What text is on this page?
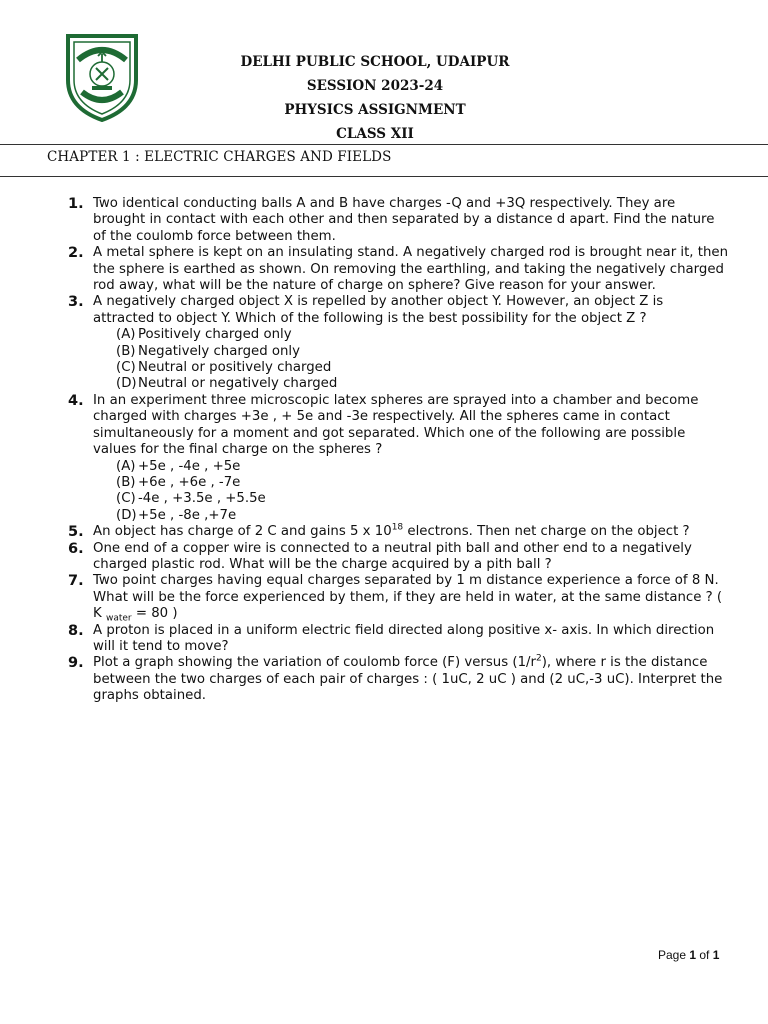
DELHI PUBLIC SCHOOL, UDAIPUR
SESSION 2023-24
PHYSICS ASSIGNMENT
CLASS XII
CHAPTER 1 : ELECTRIC CHARGES AND FIELDS
1. Two identical conducting balls A and B have charges -Q and +3Q respectively. They are brought in contact with each other and then separated by a distance d apart. Find the nature of the coulomb force between them.
2. A metal sphere is kept on an insulating stand. A negatively charged rod is brought near it, then the sphere is earthed as shown. On removing the earthling, and taking the negatively charged rod away, what will be the nature of charge on sphere? Give reason for your answer.
3. A negatively charged object X is repelled by another object Y. However, an object Z is attracted to object Y. Which of the following is the best possibility for the object Z ?
(A) Positively charged only
(B) Negatively charged only
(C) Neutral or positively charged
(D)Neutral or negatively charged
4. In an experiment three microscopic latex spheres are sprayed into a chamber and become charged with charges +3e , + 5e and -3e respectively. All the spheres came in contact simultaneously for a moment and got separated. Which one of the following are possible values for the final charge on the spheres ?
(A) +5e , -4e , +5e
(B) +6e , +6e , -7e
(C) -4e , +3.5e , +5.5e
(D)+5e , -8e ,+7e
5. An object has charge of 2 C and gains 5 x $10^{18}$ electrons. Then net charge on the object ?
6. One end of a copper wire is connected to a neutral pith ball and other end to a negatively charged plastic rod. What will be the charge acquired by a pith ball ?
7. Two point charges having equal charges separated by 1 m distance experience a force of 8 N. What will be the force experienced by them, if they are held in water, at the same distance ? ( K $_{water}$ = 80 )
8. A proton is placed in a uniform electric field directed along positive x- axis. In which direction will it tend to move?
9. Plot a graph showing the variation of coulomb force (F) versus $(1/r^2)$, where r is the distance between the two charges of each pair of charges : ( 1uC, 2 uC ) and (2 uC,-3 uC). Interpret the graphs obtained.
Page 1 of 1
